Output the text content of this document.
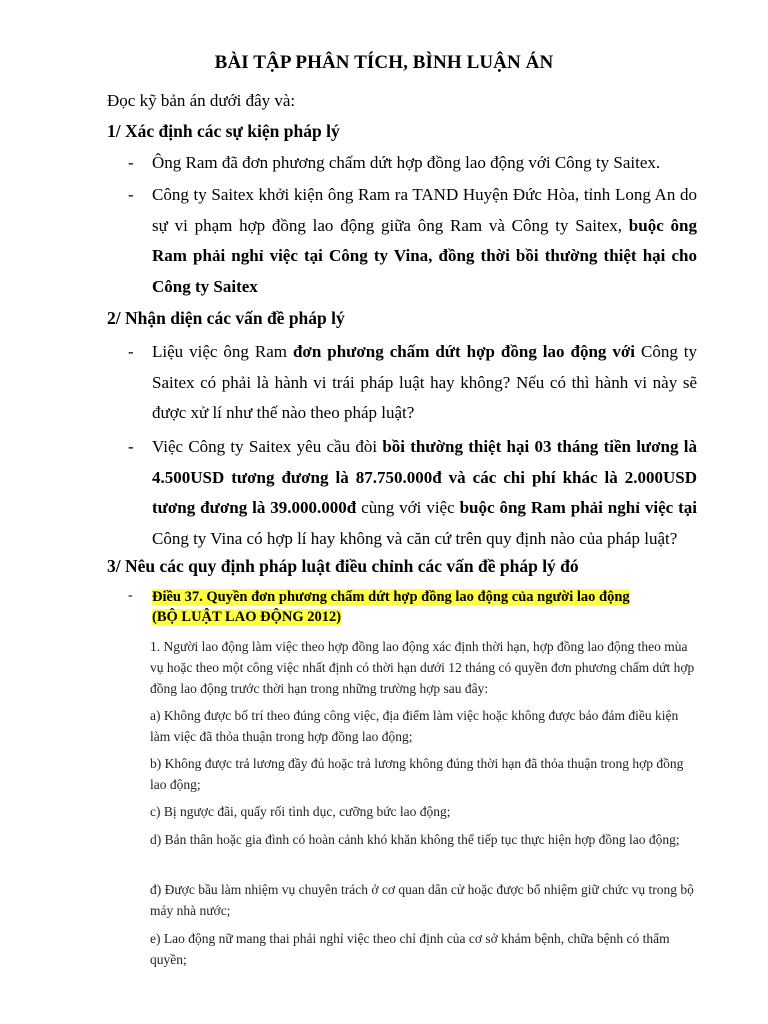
BÀI TẬP PHÂN TÍCH, BÌNH LUẬN ÁN
Đọc kỹ bản án dưới đây và:
1/ Xác định các sự kiện pháp lý
- Ông Ram đã đơn phương chấm dứt hợp đồng lao động với Công ty Saitex.
- Công ty Saitex khởi kiện ông Ram ra TAND Huyện Đức Hòa, tỉnh Long An do sự vi phạm hợp đồng lao động giữa ông Ram và Công ty Saitex, buộc ông Ram phải nghỉ việc tại Công ty Vina, đồng thời bồi thường thiệt hại cho Công ty Saitex
2/ Nhận diện các vấn đề pháp lý
- Liệu việc ông Ram đơn phương chấm dứt hợp đồng lao động với Công ty Saitex có phải là hành vi trái pháp luật hay không? Nếu có thì hành vi này sẽ được xử lí như thế nào theo pháp luật?
- Việc Công ty Saitex yêu cầu đòi bồi thường thiệt hại 03 tháng tiền lương là 4.500USD tương đương là 87.750.000đ và các chi phí khác là 2.000USD tương đương là 39.000.000đ cùng với việc buộc ông Ram phải nghỉ việc tại Công ty Vina có hợp lí hay không và căn cứ trên quy định nào của pháp luật?
3/ Nêu các quy định pháp luật điều chỉnh các vấn đề pháp lý đó
- Điều 37. Quyền đơn phương chấm dứt hợp đồng lao động của người lao động
(BỘ LUẬT LAO ĐỘNG 2012)
1. Người lao động làm việc theo hợp đồng lao động xác định thời hạn, hợp đồng lao động theo mùa vụ hoặc theo một công việc nhất định có thời hạn dưới 12 tháng có quyền đơn phương chấm dứt hợp đồng lao động trước thời hạn trong những trường hợp sau đây:
a) Không được bố trí theo đúng công việc, địa điểm làm việc hoặc không được bảo đảm điều kiện làm việc đã thỏa thuận trong hợp đồng lao động;
b) Không được trả lương đầy đủ hoặc trả lương không đúng thời hạn đã thỏa thuận trong hợp đồng lao động;
c) Bị ngược đãi, quấy rối tình dục, cưỡng bức lao động;
d) Bản thân hoặc gia đình có hoàn cảnh khó khăn không thể tiếp tục thực hiện hợp đồng lao động;
đ) Được bầu làm nhiệm vụ chuyên trách ở cơ quan dân cử hoặc được bổ nhiệm giữ chức vụ trong bộ máy nhà nước;
e) Lao động nữ mang thai phải nghỉ việc theo chỉ định của cơ sở khám bệnh, chữa bệnh có thẩm quyền;
